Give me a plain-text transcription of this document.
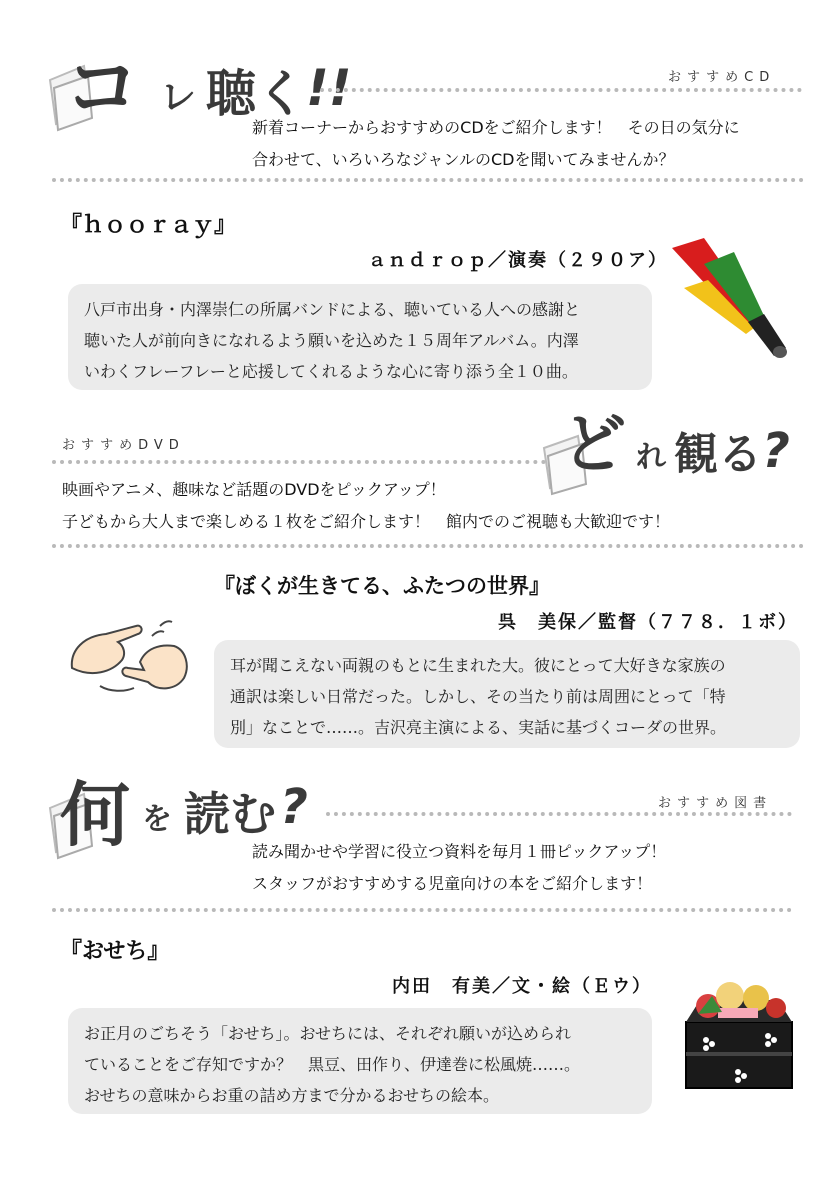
コ レ 聴く !!	おすすめCD
新着コーナーからおすすめのCDをご紹介します！　その日の気分に
合わせて、いろいろなジャンルのCDを聞いてみませんか？
『ｈｏｏｒａｙ』
ａｎｄｒｏｐ／演奏（２９０ア）
八戸市出身・内澤崇仁の所属バンドによる、聴いている人への感謝と
聴いた人が前向きになれるよう願いを込めた１５周年アルバム。内澤
いわくフレーフレーと応援してくれるような心に寄り添う全１０曲。
おすすめDVD	ど れ 観る ?
映画やアニメ、趣味など話題のDVDをピックアップ！
子どもから大人まで楽しめる１枚をご紹介します！　館内でのご視聴も大歓迎です！
『ぼくが生きてる、ふたつの世界』
呉　美保／監督（７７８．１ボ）
耳が聞こえない両親のもとに生まれた大。彼にとって大好きな家族の
通訳は楽しい日常だった。しかし、その当たり前は周囲にとって「特
別」なことで……。吉沢亮主演による、実話に基づくコーダの世界。
何 を 読む ?	おすすめ図書
読み聞かせや学習に役立つ資料を毎月１冊ピックアップ！
スタッフがおすすめする児童向けの本をご紹介します！
『おせち』
内田　有美／文・絵（Ｅウ）
お正月のごちそう「おせち」。おせちには、それぞれ願いが込められ
ていることをご存知ですか？　黒豆、田作り、伊達巻に松風焼……。
おせちの意味からお重の詰め方まで分かるおせちの絵本。
